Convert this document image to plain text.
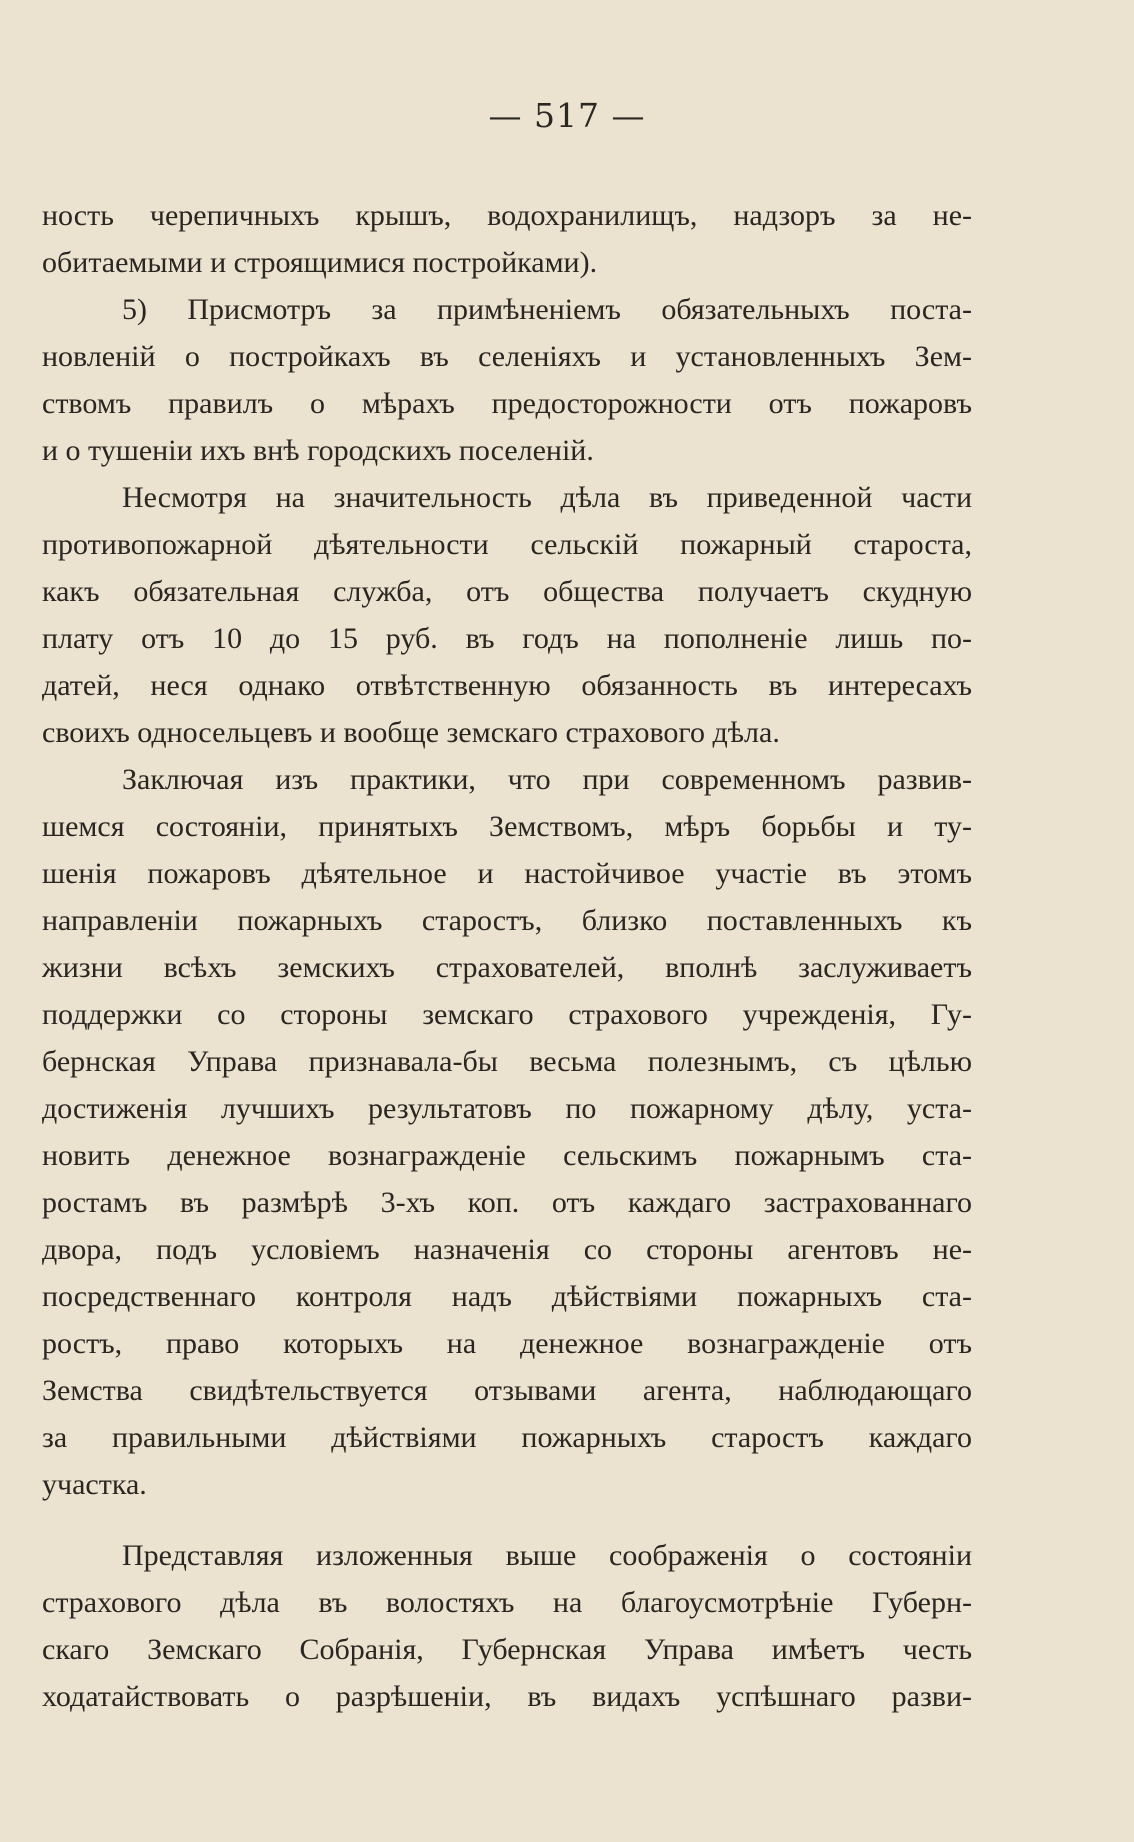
— 517 —
ность черепичныхъ крышъ, водохранилищъ, надзоръ за не-
обитаемыми и строящимися постройками).
5) Присмотръ за примѣненіемъ обязательныхъ поста-
новленій о постройкахъ въ селеніяхъ и установленныхъ Зем-
ствомъ правилъ о мѣрахъ предосторожности отъ пожаровъ
и о тушеніи ихъ внѣ городскихъ поселеній.
Несмотря на значительность дѣла въ приведенной части
противопожарной дѣятельности сельскій пожарный староста,
какъ обязательная служба, отъ общества получаетъ скудную
плату отъ 10 до 15 руб. въ годъ на пополненіе лишь по-
датей, неся однако отвѣтственную обязанность въ интересахъ
своихъ односельцевъ и вообще земскаго страхового дѣла.
Заключая изъ практики, что при современномъ развив-
шемся состояніи, принятыхъ Земствомъ, мѣръ борьбы и ту-
шенія пожаровъ дѣятельное и настойчивое участіе въ этомъ
направленіи пожарныхъ старостъ, близко поставленныхъ къ
жизни всѣхъ земскихъ страхователей, вполнѣ заслуживаетъ
поддержки со стороны земскаго страхового учрежденія, Гу-
бернская Управа признавала-бы весьма полезнымъ, съ цѣлью
достиженія лучшихъ результатовъ по пожарному дѣлу, уста-
новить денежное вознагражденіе сельскимъ пожарнымъ ста-
ростамъ въ размѣрѣ 3-хъ коп. отъ каждаго застрахованнаго
двора, подъ условіемъ назначенія со стороны агентовъ не-
посредственнаго контроля надъ дѣйствіями пожарныхъ ста-
ростъ, право которыхъ на денежное вознагражденіе отъ
Земства свидѣтельствуется отзывами агента, наблюдающаго
за правильными дѣйствіями пожарныхъ старостъ каждаго
участка.
Представляя изложенныя выше соображенія о состояніи
страхового дѣла въ волостяхъ на благоусмотрѣніе Губерн-
скаго Земскаго Собранія, Губернская Управа имѣетъ честь
ходатайствовать о разрѣшеніи, въ видахъ успѣшнаго разви-
